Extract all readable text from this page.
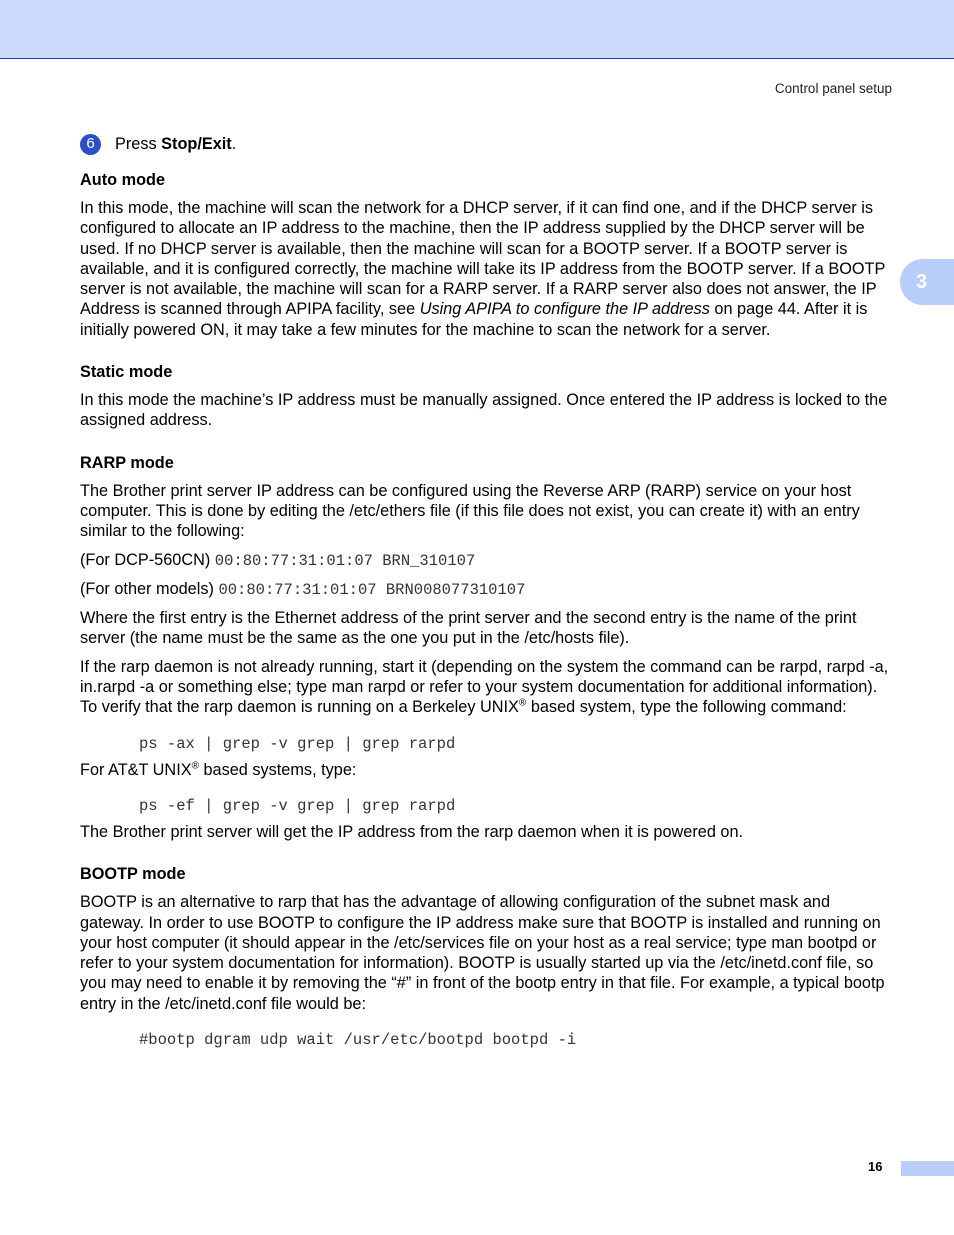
Control panel setup
3
6	Press Stop/Exit.
Auto mode

In this mode, the machine will scan the network for a DHCP server, if it can find one, and if the DHCP server is configured to allocate an IP address to the machine, then the IP address supplied by the DHCP server will be used. If no DHCP server is available, then the machine will scan for a BOOTP server. If a BOOTP server is available, and it is configured correctly, the machine will take its IP address from the BOOTP server. If a BOOTP server is not available, the machine will scan for a RARP server. If a RARP server also does not answer, the IP Address is scanned through APIPA facility, see Using APIPA to configure the IP address on page 44. After it is initially powered ON, it may take a few minutes for the machine to scan the network for a server.

Static mode

In this mode the machine’s IP address must be manually assigned. Once entered the IP address is locked to the assigned address.

RARP mode

The Brother print server IP address can be configured using the Reverse ARP (RARP) service on your host computer. This is done by editing the /etc/ethers file (if this file does not exist, you can create it) with an entry similar to the following:

(For DCP-560CN) 00:80:77:31:01:07 BRN_310107

(For other models) 00:80:77:31:01:07 BRN008077310107

Where the first entry is the Ethernet address of the print server and the second entry is the name of the print server (the name must be the same as the one you put in the /etc/hosts file).

If the rarp daemon is not already running, start it (depending on the system the command can be rarpd, rarpd -a, in.rarpd -a or something else; type man rarpd or refer to your system documentation for additional information). To verify that the rarp daemon is running on a Berkeley UNIX® based system, type the following command:

ps -ax | grep -v grep | grep rarpd

For AT&T UNIX® based systems, type:

ps -ef | grep -v grep | grep rarpd

The Brother print server will get the IP address from the rarp daemon when it is powered on.

BOOTP mode

BOOTP is an alternative to rarp that has the advantage of allowing configuration of the subnet mask and gateway. In order to use BOOTP to configure the IP address make sure that BOOTP is installed and running on your host computer (it should appear in the /etc/services file on your host as a real service; type man bootpd or refer to your system documentation for information). BOOTP is usually started up via the /etc/inetd.conf file, so you may need to enable it by removing the “#” in front of the bootp entry in that file. For example, a typical bootp entry in the /etc/inetd.conf file would be:

#bootp dgram udp wait /usr/etc/bootpd bootpd -i
16
